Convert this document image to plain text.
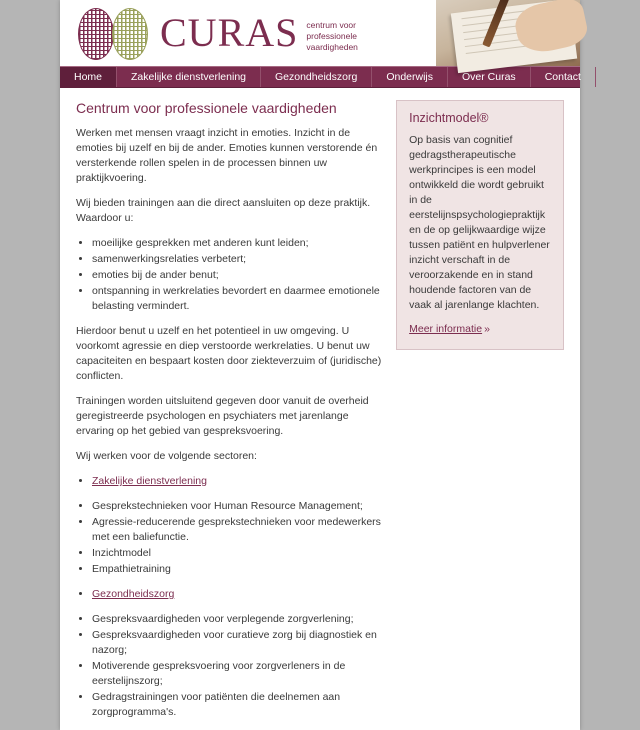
CURAS centrum voor
professionele
vaardigheden
Home	Zakelijke dienstverlening	Gezondheidszorg	Onderwijs	Over Curas	Contact
Centrum voor professionele vaardigheden

Werken met mensen vraagt inzicht in emoties. Inzicht in de emoties bij uzelf en bij de ander. Emoties kunnen verstorende én versterkende rollen spelen in de processen binnen uw praktijkvoering.

Wij bieden trainingen aan die direct aansluiten op deze praktijk. Waardoor u:

• moeilijke gesprekken met anderen kunt leiden;
• samenwerkingsrelaties verbetert;
• emoties bij de ander benut;
• ontspanning in werkrelaties bevordert en daarmee emotionele belasting vermindert.

Hierdoor benut u uzelf en het potentieel in uw omgeving. U voorkomt agressie en diep verstoorde werkrelaties. U benut uw capaciteiten en bespaart kosten door ziekteverzuim of (juridische) conflicten.

Trainingen worden uitsluitend gegeven door vanuit de overheid geregistreerde psychologen en psychiaters met jarenlange ervaring op het gebied van gespreksvoering.

Wij werken voor de volgende sectoren:

• Zakelijke dienstverlening
• Gesprekstechnieken voor Human Resource Management;
• Agressie-reducerende gesprekstechnieken voor medewerkers met een baliefunctie.
• Inzichtmodel
• Empathietraining
• Gezondheidszorg
• Gespreksvaardigheden voor verplegende zorgverlening;
• Gespreksvaardigheden voor curatieve zorg bij diagnostiek en nazorg;
• Motiverende gespreksvoering voor zorgverleners in de eerstelijnszorg;
• Gedragstrainingen voor patiënten die deelnemen aan zorgprogramma's.
Inzichtmodel®

Op basis van cognitief gedragstherapeutische werkprincipes is een model ontwikkeld die wordt gebruikt in de eerstelijnspsychologiepraktijk en de op gelijkwaardige wijze tussen patiënt en hulpverlener inzicht verschaft in de veroorzakende en in stand houdende factoren van de vaak al jarenlange klachten.

Meer informatie »
